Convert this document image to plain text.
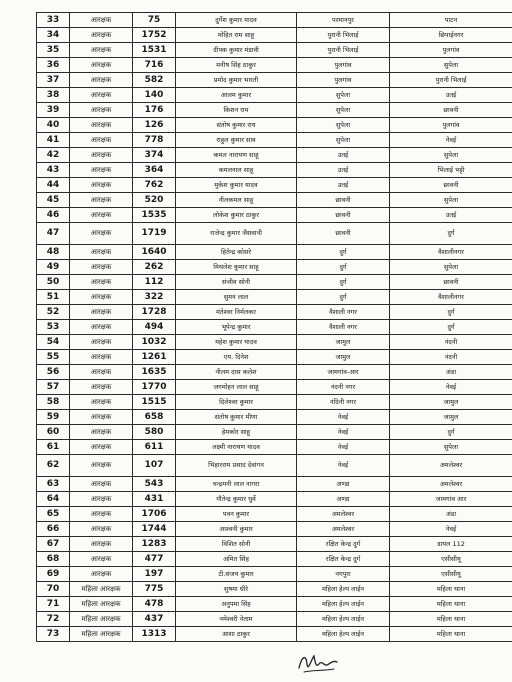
33	आरक्षक	75	दुर्गेश कुमार यादव	परमानपुर	पाटन
34	आरक्षक	1752	मोहित राम साहू	पुरानी भिलाई	छिपाईनगर
35	आरक्षक	1531	दीपक कुमार मंडावी	पुरानी भिलाई	पुलगांव
36	आरक्षक	716	मनीष सिंह ठाकुर	पुलगांव	सुपेला
37	आरक्षक	582	प्रमोद कुमार भारती	पुलगांव	पुरानी भिलाई
38	आरक्षक	140	आलम कुमार	सुपेला	उतई
39	आरक्षक	176	किशन राम	सुपेला	छावनी
40	आरक्षक	126	संतोष कुमार राय	सुपेला	पुलगांव
41	आरक्षक	778	राहुल कुमार साव	सुपेला	नेवई
42	आरक्षक	374	कमल नारायण साहू	उतई	सुपेला
43	आरक्षक	364	कमलनाल साहू	उतई	भिलाई भट्टी
44	आरक्षक	762	मुकेश कुमार यादव	उतई	छावनी
45	आरक्षक	520	नीलकमल साहू	छावनी	सुपेला
46	आरक्षक	1535	लोकेश कुमार ठाकुर	छावनी	उतई
47	आरक्षक	1719	राजेन्द्र कुमार जैसवानी	छावनी	दुर्ग
48	आरक्षक	1640	हितेन्द्र कोसरे	दुर्ग	वैशालीनगर
49	आरक्षक	262	मिथलेश कुमार साहू	दुर्ग	सुपेला
50	आरक्षक	112	संजीव सोनी	दुर्ग	छावनी
51	आरक्षक	322	सुमन लाल	दुर्ग	वैशालीनगर
52	आरक्षक	1728	मंतेश्वर निर्मलकर	वैशाली नगर	दुर्ग
53	आरक्षक	494	भूपेन्द्र कुमार	वैशाली नगर	दुर्ग
54	आरक्षक	1032	महेश कुमार यादव	जामुल	नंदनी
55	आरक्षक	1261	एम. दिनेश	जामुल	नंदनी
56	आरक्षक	1635	नीलम दास कलेश	जामगांव-आर	अंडा
57	आरक्षक	1770	जगमोहन लाल साहू	नंदनी नगर	नेवई
58	आरक्षक	1515	दिलेश्वर कुमार	नंदिनी नगर	जामुल
59	आरक्षक	658	संतोष कुमार मीणा	नेवई	जामुल
60	आरक्षक	580	हेमकोर साहू	नेवई	दुर्ग
61	आरक्षक	611	लक्ष्मी नारायण यादव	नेवई	सुपेला
62	आरक्षक	107	भिहारराम प्रसाद देवांगन	नेवई	अमलेश्वर
63	आरक्षक	543	चन्द्रमनी लाल नागरा	अण्डा	अमलेश्वर
64	आरक्षक	431	गौतेन्द्र कुमार धुर्वे	अण्डा	जामगांव आर
65	आरक्षक	1706	पवन कुमार	अमलेश्वर	अंडा
66	आरक्षक	1744	आश्वनी कुमार	अमलेश्वर	नेवई
67	आरक्षक	1283	विशित सोनी	रक्षित केन्द्र दुर्ग	डायल 112
68	आरक्षक	477	अमित सिंह	रक्षित केन्द्र दुर्ग	एसीसीयू
69	आरक्षक	197	टी.संजय कुमार	नगपुरा	एसीसीयू
70	महिला आरक्षक	775	सुषमा धीरे	महिला हेल्प लाईन	महिला थाना
71	महिला आरक्षक	478	अनुपमा सिंह	महिला हेल्प लाईन	महिला थाना
72	महिला आरक्षक	437	नमेश्वरी नेताम	महिला हेल्प लाईन	महिला थाना
73	महिला आरक्षक	1313	आशा ठाकुर	महिला हेल्प लाईन	महिला थाना
